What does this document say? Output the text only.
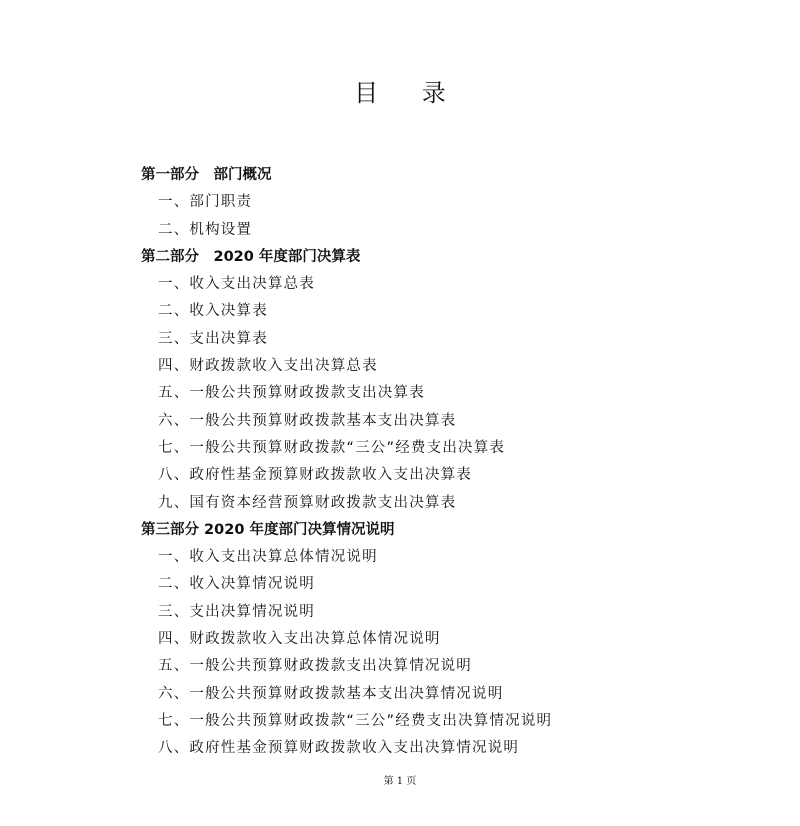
目 录
第一部分　部门概况
一、部门职责
二、机构设置
第二部分　2020 年度部门决算表
一、收入支出决算总表
二、收入决算表
三、支出决算表
四、财政拨款收入支出决算总表
五、一般公共预算财政拨款支出决算表
六、一般公共预算财政拨款基本支出决算表
七、一般公共预算财政拨款“三公”经费支出决算表
八、政府性基金预算财政拨款收入支出决算表
九、国有资本经营预算财政拨款支出决算表
第三部分 2020 年度部门决算情况说明
一、收入支出决算总体情况说明
二、收入决算情况说明
三、支出决算情况说明
四、财政拨款收入支出决算总体情况说明
五、一般公共预算财政拨款支出决算情况说明
六、一般公共预算财政拨款基本支出决算情况说明
七、一般公共预算财政拨款“三公”经费支出决算情况说明
八、政府性基金预算财政拨款收入支出决算情况说明
第 1 页
